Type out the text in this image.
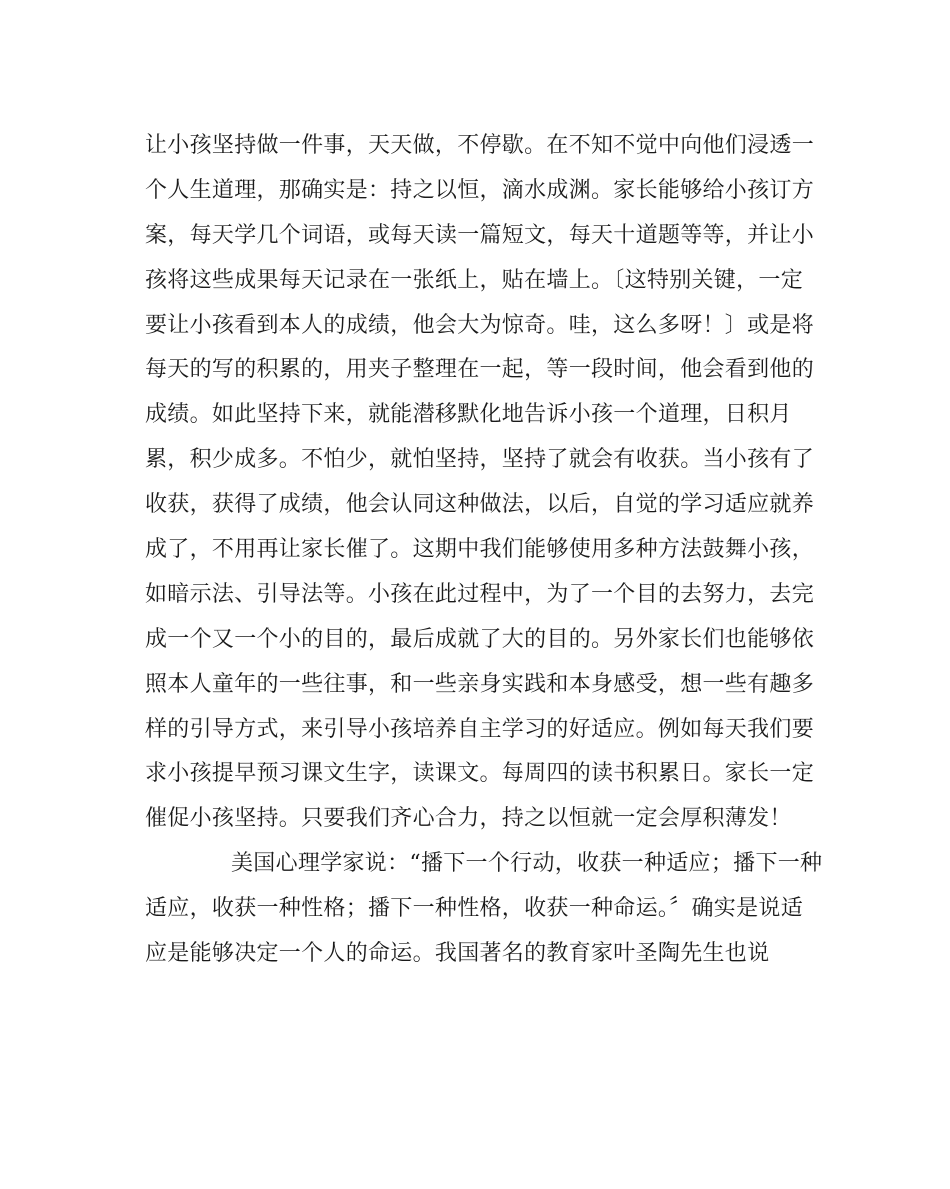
让小孩坚持做一件事，天天做，不停歇。在不知不觉中向他们浸透一
个人生道理，那确实是：持之以恒，滴水成渊。家长能够给小孩订方
案，每天学几个词语，或每天读一篇短文，每天十道题等等，并让小
孩将这些成果每天记录在一张纸上，贴在墙上。〔这特别关键，一定
要让小孩看到本人的成绩，他会大为惊奇。哇，这么多呀！〕或是将
每天的写的积累的，用夹子整理在一起，等一段时间，他会看到他的
成绩。如此坚持下来，就能潜移默化地告诉小孩一个道理，日积月
累，积少成多。不怕少，就怕坚持，坚持了就会有收获。当小孩有了
收获，获得了成绩，他会认同这种做法，以后，自觉的学习适应就养
成了，不用再让家长催了。这期中我们能够使用多种方法鼓舞小孩，
如暗示法、引导法等。小孩在此过程中，为了一个目的去努力，去完
成一个又一个小的目的，最后成就了大的目的。另外家长们也能够依
照本人童年的一些往事，和一些亲身实践和本身感受，想一些有趣多
样的引导方式，来引导小孩培养自主学习的好适应。例如每天我们要
求小孩提早预习课文生字，读课文。每周四的读书积累日。家长一定
催促小孩坚持。只要我们齐心合力，持之以恒就一定会厚积薄发！
美国心理学家说：“播下一个行动，收获一种适应；播下一种
适应，收获一种性格；播下一种性格，收获一种命运。〞确实是说适
应是能够决定一个人的命运。我国著名的教育家叶圣陶先生也说
